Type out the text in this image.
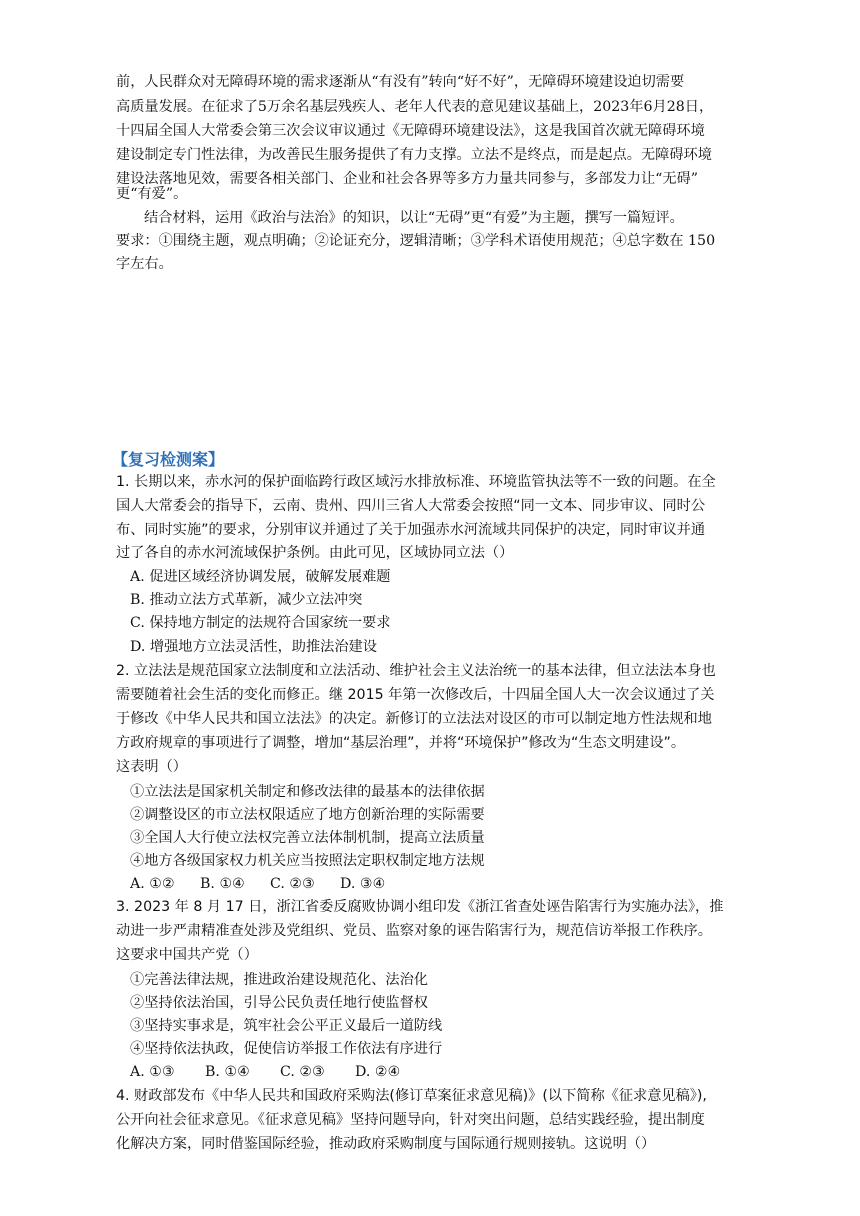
前，人民群众对无障碍环境的需求逐渐从“有没有”转向“好不好”，无障碍环境建设迫切需要
高质量发展。在征求了5万余名基层残疾人、老年人代表的意见建议基础上，2023年6月28日，
十四届全国人大常委会第三次会议审议通过《无障碍环境建设法》，这是我国首次就无障碍环境
建设制定专门性法律，为改善民生服务提供了有力支撑。立法不是终点，而是起点。无障碍环境
建设法落地见效，需要各相关部门、企业和社会各界等多方力量共同参与，多部发力让“无碍”
更“有爱”。
结合材料，运用《政治与法治》的知识，以让“无碍”更“有爱”为主题，撰写一篇短评。
要求：①围绕主题，观点明确；②论证充分，逻辑清晰；③学科术语使用规范；④总字数在 150
字左右。
【复习检测案】
1. 长期以来，赤水河的保护面临跨行政区域污水排放标准、环境监管执法等不一致的问题。在全
国人大常委会的指导下，云南、贵州、四川三省人大常委会按照“同一文本、同步审议、同时公
布、同时实施”的要求，分别审议并通过了关于加强赤水河流域共同保护的决定，同时审议并通
过了各自的赤水河流域保护条例。由此可见，区域协同立法（）
A. 促进区域经济协调发展，破解发展难题
B. 推动立法方式革新，减少立法冲突
C. 保持地方制定的法规符合国家统一要求
D. 增强地方立法灵活性，助推法治建设
2. 立法法是规范国家立法制度和立法活动、维护社会主义法治统一的基本法律，但立法法本身也
需要随着社会生活的变化而修正。继 2015 年第一次修改后，十四届全国人大一次会议通过了关
于修改《中华人民共和国立法法》的决定。新修订的立法法对设区的市可以制定地方性法规和地
方政府规章的事项进行了调整，增加“基层治理”，并将“环境保护”修改为“生态文明建设”。
这表明（）
①立法法是国家机关制定和修改法律的最基本的法律依据
②调整设区的市立法权限适应了地方创新治理的实际需要
③全国人大行使立法权完善立法体制机制，提高立法质量
④地方各级国家权力机关应当按照法定职权制定地方法规
A. ①② B. ①④ C. ②③ D. ③④
3. 2023 年 8 月 17 日，浙江省委反腐败协调小组印发《浙江省查处诬告陷害行为实施办法》，推
动进一步严肃精准查处涉及党组织、党员、监察对象的诬告陷害行为，规范信访举报工作秩序。
这要求中国共产党（）
①完善法律法规，推进政治建设规范化、法治化
②坚持依法治国，引导公民负责任地行使监督权
③坚持实事求是，筑牢社会公平正义最后一道防线
④坚持依法执政，促使信访举报工作依法有序进行
A. ①③ B. ①④ C. ②③ D. ②④
4. 财政部发布《中华人民共和国政府采购法(修订草案征求意见稿)》(以下简称《征求意见稿》),
公开向社会征求意见。《征求意见稿》坚持问题导向，针对突出问题，总结实践经验，提出制度
化解决方案，同时借鉴国际经验，推动政府采购制度与国际通行规则接轨。这说明（）
